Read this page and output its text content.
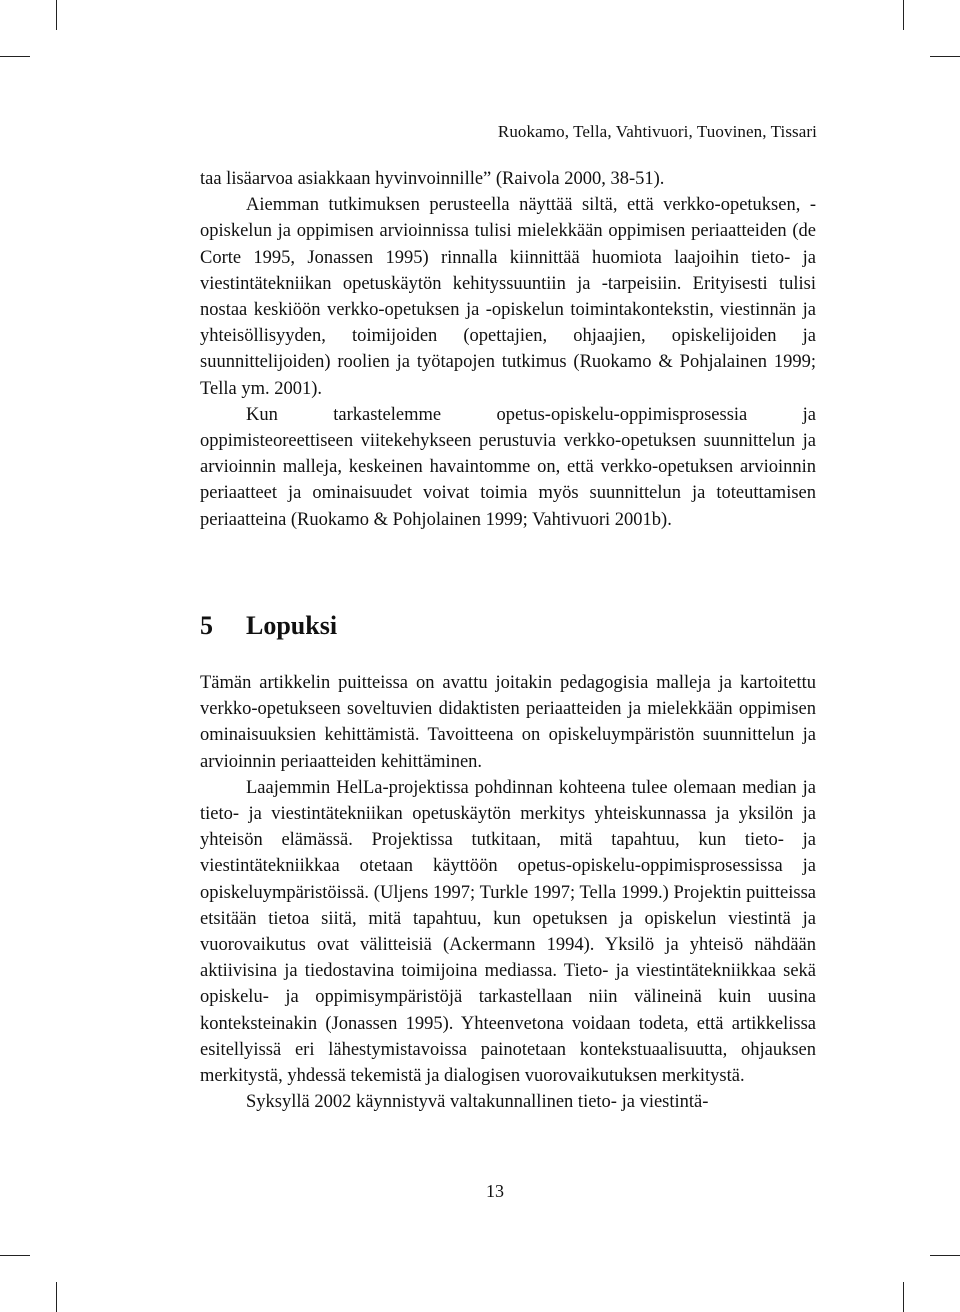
Ruokamo, Tella, Vahtivuori, Tuovinen, Tissari

taa lisäarvoa asiakkaan hyvinvoinnille” (Raivola 2000, 38-51).

Aiemman tutkimuksen perusteella näyttää siltä, että verkko-opetuksen, -opiskelun ja oppimisen arvioinnissa tulisi mielekkään oppimisen periaatteiden (de Corte 1995, Jonassen 1995) rinnalla kiinnittää huomiota laajoihin tieto- ja viestintätekniikan opetuskäytön kehityssuuntiin ja -tarpeisiin. Erityisesti tulisi nostaa keskiöön verkko-opetuksen ja -opiskelun toimintakontekstin, viestinnän ja yhteisöllisyyden, toimijoiden (opettajien, ohjaajien, opiskelijoiden ja suunnittelijoiden) roolien ja työtapojen tutkimus (Ruokamo & Pohjalainen 1999; Tella ym. 2001).

Kun tarkastelemme opetus-opiskelu-oppimisprosessia ja oppimisteoreettiseen viitekehykseen perustuvia verkko-opetuksen suunnittelun ja arvioinnin malleja, keskeinen havaintomme on, että verkko-opetuksen arvioinnin periaatteet ja ominaisuudet voivat toimia myös suunnittelun ja toteuttamisen periaatteina (Ruokamo & Pohjolainen 1999; Vahtivuori 2001b).

5 Lopuksi

Tämän artikkelin puitteissa on avattu joitakin pedagogisia malleja ja kartoitettu verkko-opetukseen soveltuvien didaktisten periaatteiden ja mielekkään oppimisen ominaisuuksien kehittämistä. Tavoitteena on opiskeluympäristön suunnittelun ja arvioinnin periaatteiden kehittäminen.

Laajemmin HelLa-projektissa pohdinnan kohteena tulee olemaan median ja tieto- ja viestintätekniikan opetuskäytön merkitys yhteiskunnassa ja yksilön ja yhteisön elämässä. Projektissa tutkitaan, mitä tapahtuu, kun tieto- ja viestintätekniikkaa otetaan käyttöön opetus-opiskelu-oppimisprosessissa ja opiskeluympäristöissä. (Uljens 1997; Turkle 1997; Tella 1999.) Projektin puitteissa etsitään tietoa siitä, mitä tapahtuu, kun opetuksen ja opiskelun viestintä ja vuorovaikutus ovat välitteisiä (Ackermann 1994). Yksilö ja yhteisö nähdään aktiivisina ja tiedostavina toimijoina mediassa. Tieto- ja viestintätekniikkaa sekä opiskelu- ja oppimisympäristöjä tarkastellaan niin välineinä kuin uusina konteksteinakin (Jonassen 1995). Yhteenvetona voidaan todeta, että artikkelissa esitellyissä eri lähestymistavoissa painotetaan kontekstuaalisuutta, ohjauksen merkitystä, yhdessä tekemistä ja dialogisen vuorovaikutuksen merkitystä.

Syksyllä 2002 käynnistyvä valtakunnallinen tieto- ja viestintä-

13
